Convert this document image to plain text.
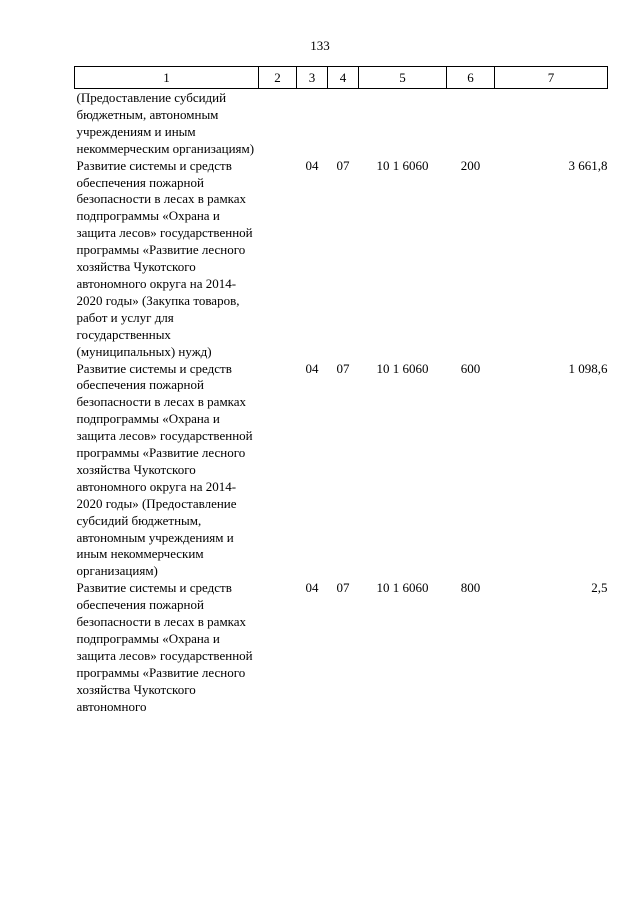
133
1	2	3	4	5	6	7
(Предоставление субсидий бюджетным, автономным учреждениям и иным некоммерческим организациям)						
Развитие системы и средств обеспечения пожарной безопасности в лесах в рамках подпрограммы «Охрана и защита лесов» государственной программы «Развитие лесного хозяйства Чукотского автономного округа на 2014-2020 годы» (Закупка товаров, работ и услуг для государственных (муниципальных) нужд)		04	07	10 1 6060	200	3 661,8
Развитие системы и средств обеспечения пожарной безопасности в лесах в рамках подпрограммы «Охрана и защита лесов» государственной программы «Развитие лесного хозяйства Чукотского автономного округа на 2014-2020 годы» (Предоставление субсидий бюджетным, автономным учреждениям и иным некоммерческим организациям)		04	07	10 1 6060	600	1 098,6
Развитие системы и средств обеспечения пожарной безопасности в лесах в рамках подпрограммы «Охрана и защита лесов» государственной программы «Развитие лесного хозяйства Чукотского автономного		04	07	10 1 6060	800	2,5
